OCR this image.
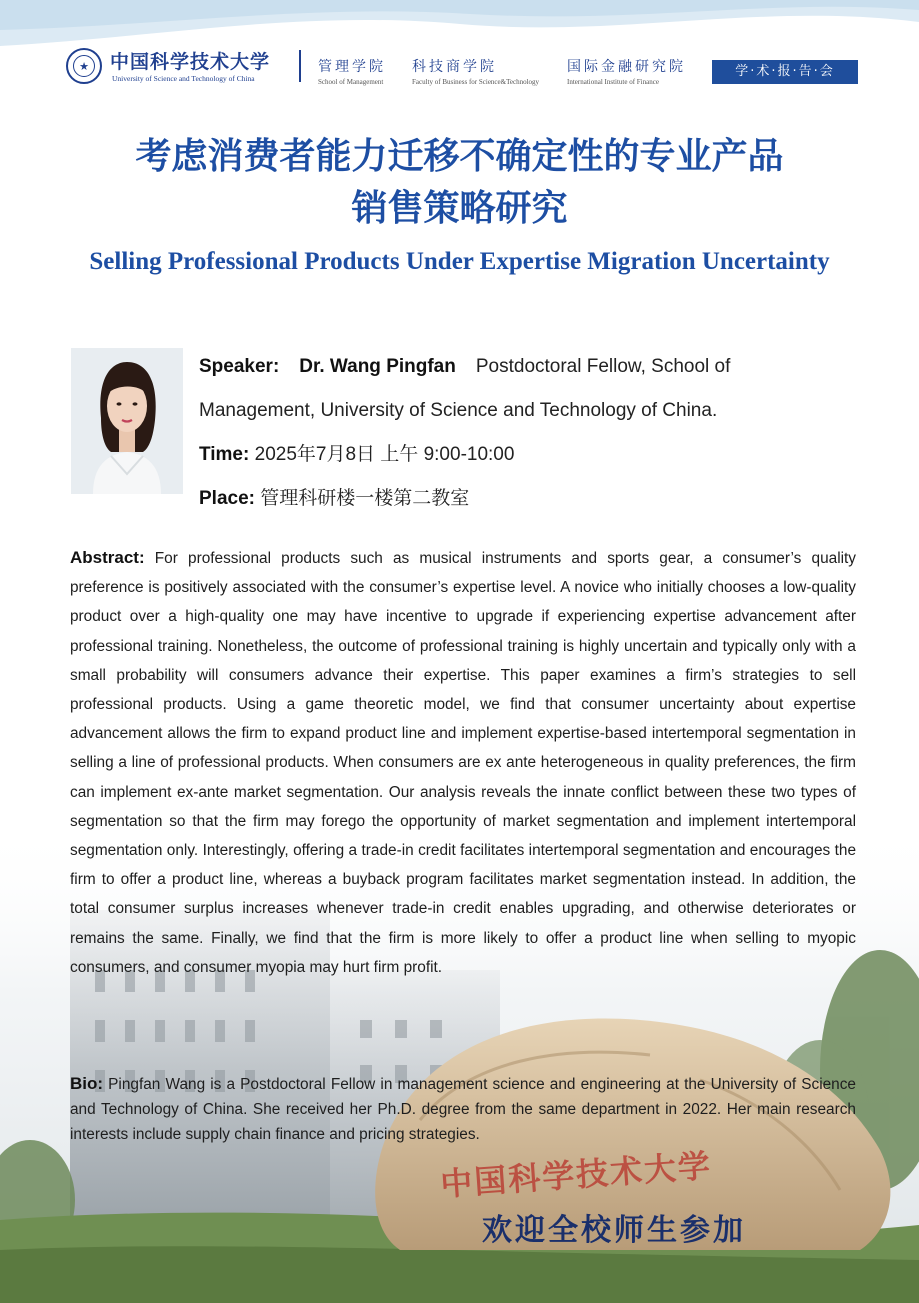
中国科学技术大学
★	中国科学技术大学
University of Science and Technology of China
管理学院
School of Management
科技商学院
Faculty of Business for Science&Technology
国际金融研究院
International Institute of Finance
学·术·报·告·会
考虑消费者能力迁移不确定性的专业产品
销售策略研究
Selling Professional Products Under Expertise Migration Uncertainty
Speaker: Dr. Wang Pingfan Postdoctoral Fellow, School of
Management, University of Science and Technology of China.
Time: 2025年7月8日 上午 9:00-10:00
Place: 管理科研楼一楼第二教室

Abstract: For professional products such as musical instruments and sports gear, a consumer’s quality preference is positively associated with the consumer’s expertise level. A novice who initially chooses a low-quality product over a high-quality one may have incentive to upgrade if experiencing expertise advancement after professional training. Nonetheless, the outcome of professional training is highly uncertain and typically only with a small probability will consumers advance their expertise. This paper examines a firm’s strategies to sell professional products. Using a game theoretic model, we find that consumer uncertainty about expertise advancement allows the firm to expand product line and implement expertise-based intertemporal segmentation in selling a line of professional products. When consumers are ex ante heterogeneous in quality preferences, the firm can implement ex-ante market segmentation. Our analysis reveals the innate conflict between these two types of segmentation so that the firm may forego the opportunity of market segmentation and implement intertemporal segmentation only. Interestingly, offering a trade-in credit facilitates intertemporal segmentation and encourages the firm to offer a product line, whereas a buyback program facilitates market segmentation instead. In addition, the total consumer surplus increases whenever trade-in credit enables upgrading, and otherwise deteriorates or remains the same. Finally, we find that the firm is more likely to offer a product line when selling to myopic consumers, and consumer myopia may hurt firm profit.

Bio: Pingfan Wang is a Postdoctoral Fellow in management science and engineering at the University of Science and Technology of China. She received her Ph.D. degree from the same department in 2022. Her main research interests include supply chain finance and pricing strategies.

欢迎全校师生参加
